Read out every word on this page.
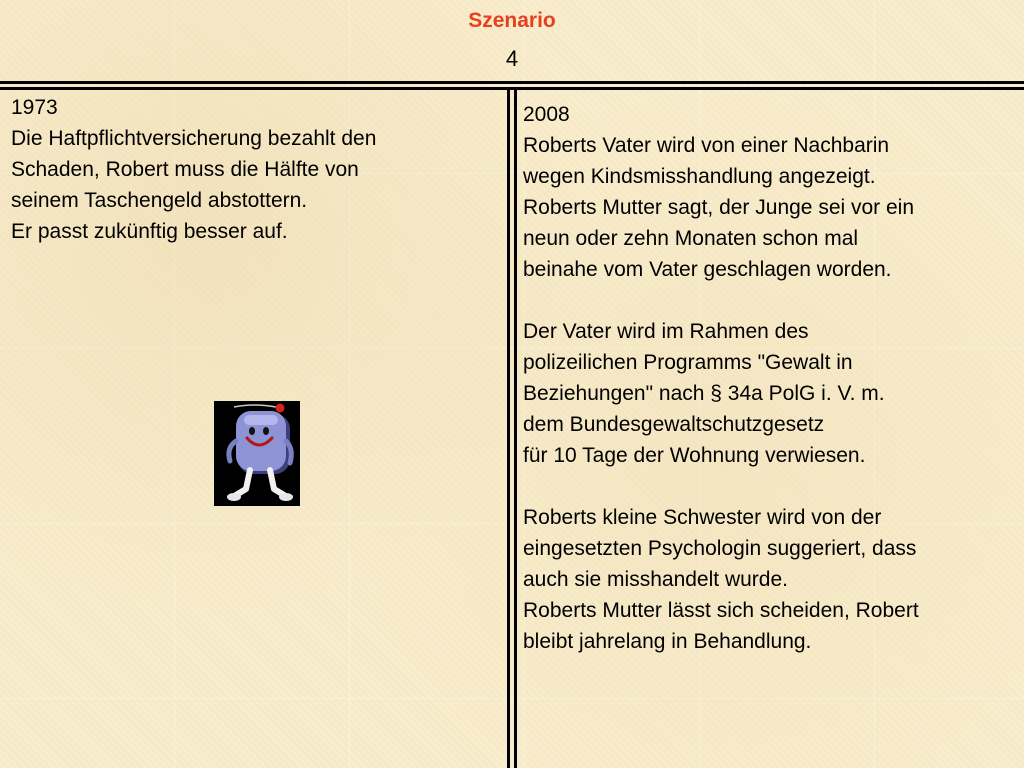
Szenario
4
1973
Die Haftpflichtversicherung bezahlt den
Schaden, Robert muss die Hälfte von
seinem Taschengeld abstottern.
Er passt zukünftig besser auf.
2008
Roberts Vater wird von einer Nachbarin
wegen Kindsmisshandlung angezeigt.
Roberts Mutter sagt, der Junge sei vor ein
neun oder zehn Monaten schon mal
beinahe vom Vater geschlagen worden.
Der Vater wird im Rahmen des
polizeilichen Programms "Gewalt in
Beziehungen" nach § 34a PolG i. V. m.
dem Bundesgewaltschutzgesetz
für 10 Tage der Wohnung verwiesen.
Roberts kleine Schwester wird von der
eingesetzten Psychologin suggeriert, dass
auch sie misshandelt wurde.
Roberts Mutter lässt sich scheiden, Robert
bleibt jahrelang in Behandlung.
